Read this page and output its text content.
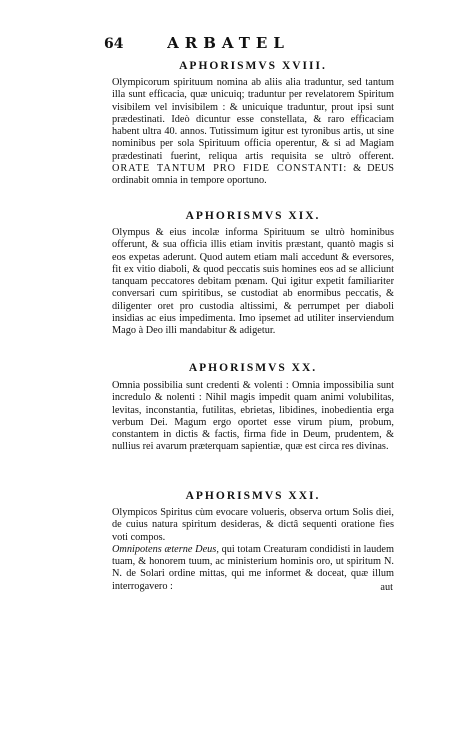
64	ARBATEL
APHORISMVS XVIII.

Olympicorum spirituum nomina ab aliis alia traduntur, sed tantum illa sunt efficacia, quæ unicuiq; traduntur per revelatorem Spiritum visibilem vel invisibilem : & unicuique traduntur, prout ipsi sunt prædestinati. Ideò dicuntur esse constellata, & raro efficaciam habent ultra 40. annos. Tutissimum igitur est tyronibus artis, ut sine nominibus per sola Spirituum officia operentur, & si ad Magiam prædestinati fuerint, reliqua artis requisita se ultrò offerent. ORATE TANTUM PRO FIDE CONSTANTI: & DEUS ordinabit omnia in tempore oportuno.

APHORISMVS XIX.

Olympus & eius incolæ informa Spirituum se ultrò hominibus offerunt, & sua officia illis etiam invitis præstant, quantò magis si eos expetas aderunt. Quod autem etiam mali accedunt & eversores, fit ex vitio diaboli, & quod peccatis suis homines eos ad se alliciunt tanquam peccatores debitam pœnam. Qui igitur expetit familiariter conversari cum spiritibus, se custodiat ab enormibus peccatis, & diligenter oret pro custodia altissimi, & perrumpet per diaboli insidias ac eius impedimenta. Imo ipsemet ad utiliter inserviendum Mago à Deo illi mandabitur & adigetur.

APHORISMVS XX.

Omnia possibilia sunt credenti & volenti : Omnia impossibilia sunt incredulo & nolenti : Nihil magis impedit quam animi volubilitas, levitas, inconstantia, futilitas, ebrietas, libidines, inobedientia erga verbum Dei. Magum ergo oportet esse virum pium, probum, constantem in dictis & factis, firma fide in Deum, prudentem, & nullius rei avarum præterquam sapientiæ, quæ est circa res divinas.

APHORISMVS XXI.

Olympicos Spiritus cùm evocare volueris, observa ortum Solis diei, de cuius natura spiritum desideras, & dictâ sequenti oratione fies voti compos.

Omnipotens æterne Deus, qui totam Creaturam condidisti in laudem tuam, & honorem tuum, ac ministerium hominis oro, ut spiritum N. N. de Solari ordine mittas, qui me informet & doceat, quæ illum interrogavero :	aut
